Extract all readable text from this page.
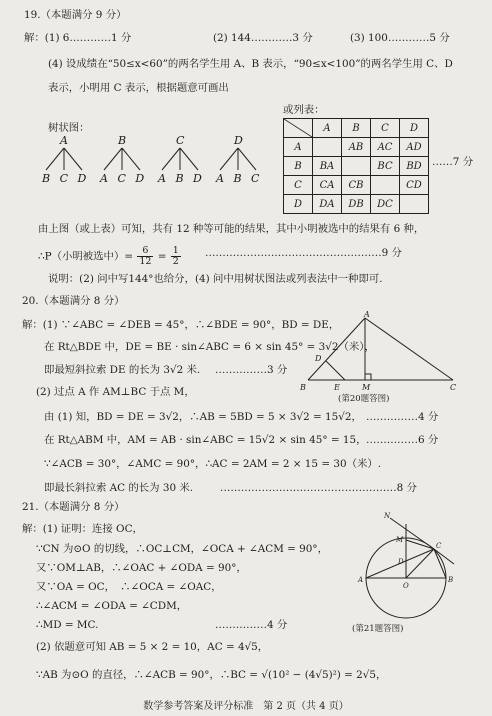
19.（本题满分 9 分）
解：(1) 6…………1 分	(2) 144…………3 分	(3) 100…………5 分
(4) 设成绩在“50≤x<60”的两名学生用 A、B 表示，“90≤x<100”的两名学生用 C、D
表示，小明用 C 表示，根据题意可画出
或列表：
树状图：
A	B	C	D
B C D A C D A B D A B C
	A	B	C	D
A		AB	AC	AD
B	BA		BC	BD
C	CA	CB		CD
D	DA	DB	DC	
……7 分
由上图（或上表）可知，共有 12 种等可能的结果，其中小明被选中的结果有 6 种，
∴P（小明被选中）= $\frac{6}{12} = \frac{1}{2}$ ……………………………………………9 分
说明：(2) 问中写144°也给分，(4) 问中用树状图法或列表法中一种即可.
20.（本题满分 8 分）
解：(1) ∵∠ABC = ∠DEB = 45°，∴∠BDE = 90°，BD = DE，
在 Rt△BDE 中，DE = BE · sin∠ABC = 6 × sin 45° = 3√2（米），
即最短斜拉索 DE 的长为 3√2 米. ……………3 分
(2) 过点 A 作 AM⊥BC 于点 M，
由 (1) 知，BD = DE = 3√2，∴AB = 5BD = 5 × 3√2 = 15√2， ……………4 分
在 Rt△ABM 中，AM = AB · sin∠ABC = 15√2 × sin 45° = 15， ……………6 分
∵∠ACB = 30°，∠AMC = 90°，∴AC = 2AM = 2 × 15 = 30（米）.
即最长斜拉索 AC 的长为 30 米.	……………………………………………8 分
A
B
D
E	M	C
(第20题答图)
21.（本题满分 8 分）
解：(1) 证明：连接 OC，
∵CN 为⊙O 的切线，∴OC⊥CM，∠OCA + ∠ACM = 90°，
又∵OM⊥AB，∴∠OAC + ∠ODA = 90°，
又∵OA = OC，　∴∠OCA = ∠OAC，
∴∠ACM = ∠ODA = ∠CDM，
∴MD = MC.	……………4 分
(2) 依题意可知 AB = 5 × 2 = 10，AC = 4√5，
∵AB 为⊙O 的直径，∴∠ACB = 90°，∴BC = √(10² − (4√5)²) = 2√5，
N
M
D
C
A
O
B
(第21题答图)
数学参考答案及评分标准　第 2 页（共 4 页）
